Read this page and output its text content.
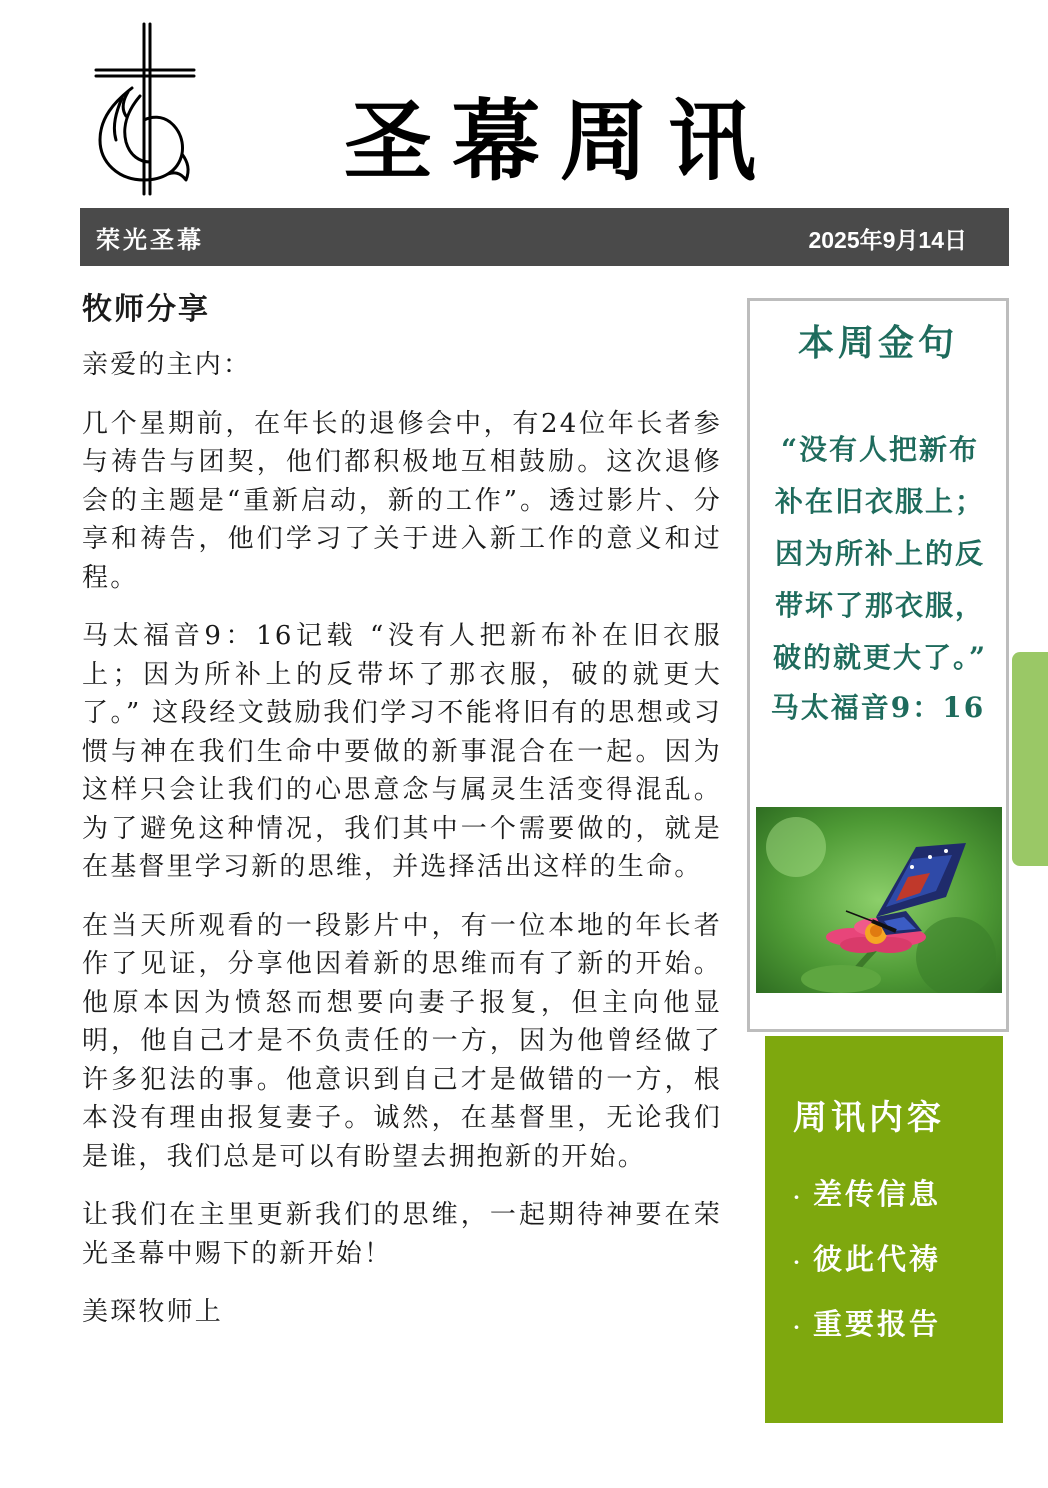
圣幕周讯
荣光圣幕	2025年9月14日
牧师分享

亲爱的主内：

几个星期前，在年长的退修会中，有24位年长者参与祷告与团契，他们都积极地互相鼓励。这次退修会的主题是“重新启动，新的工作”。透过影片、分享和祷告，他们学习了关于进入新工作的意义和过程。

马太福音9：16记载 “没有人把新布补在旧衣服上；因为所补上的反带坏了那衣服，破的就更大了。” 这段经文鼓励我们学习不能将旧有的思想或习惯与神在我们生命中要做的新事混合在一起。因为这样只会让我们的心思意念与属灵生活变得混乱。为了避免这种情况，我们其中一个需要做的，就是在基督里学习新的思维，并选择活出这样的生命。

在当天所观看的一段影片中，有一位本地的年长者作了见证，分享他因着新的思维而有了新的开始。他原本因为愤怒而想要向妻子报复，但主向他显明，他自己才是不负责任的一方，因为他曾经做了许多犯法的事。他意识到自己才是做错的一方，根本没有理由报复妻子。诚然，在基督里，无论我们是谁，我们总是可以有盼望去拥抱新的开始。

让我们在主里更新我们的思维，一起期待神要在荣光圣幕中赐下的新开始！

美琛牧师上

本周金句
“没有人把新布补在旧衣服上；因为所补上的反带坏了那衣服，破的就更大了。”
马太福音9：16
周讯内容
· 差传信息
· 彼此代祷
· 重要报告
